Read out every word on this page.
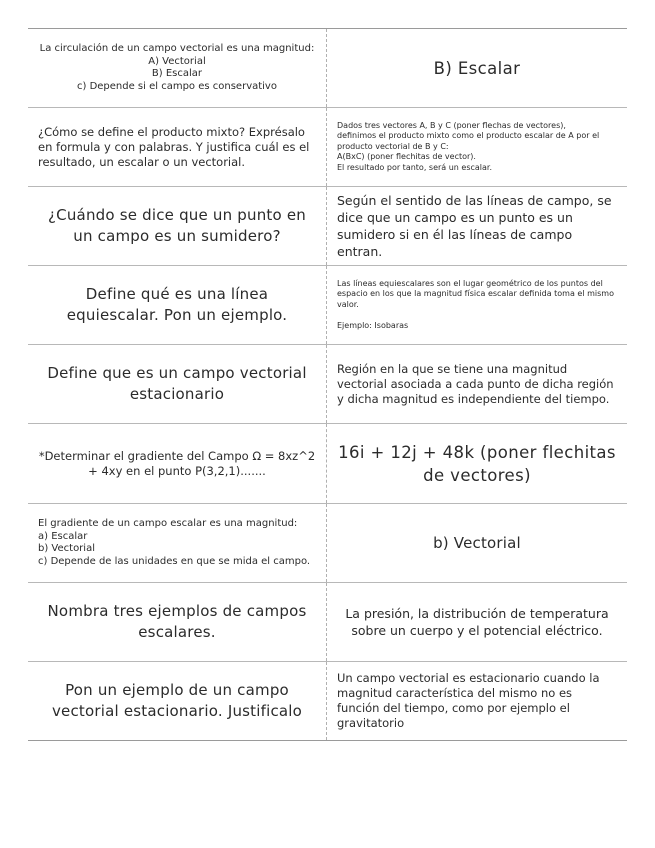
La circulación de un campo vectorial es una magnitud:
A) Vectorial
B) Escalar
c) Depende si el campo es conservativo
B) Escalar
¿Cómo se define el producto mixto? Exprésalo en formula y con palabras. Y justifica cuál es el resultado, un escalar o un vectorial.
Dados tres vectores A, B y C (poner flechas de vectores),
definimos el producto mixto como el producto escalar de A por el producto vectorial de B y C:
A(BxC) (poner flechitas de vector).
El resultado por tanto, será un escalar.
¿Cuándo se dice que un punto en un campo es un sumidero?
Según el sentido de las líneas de campo, se dice que un campo es un punto es un sumidero si en él las líneas de campo entran.
Define qué es una línea equiescalar. Pon un ejemplo.
Las líneas equiescalares son el lugar geométrico de los puntos del espacio en los que la magnitud física escalar definida toma el mismo valor.

Ejemplo: Isobaras
Define que es un campo vectorial estacionario
Región en la que se tiene una magnitud vectorial asociada a cada punto de dicha región y dicha magnitud es independiente del tiempo.
*Determinar el gradiente del Campo Ω = 8xz^2 + 4xy en el punto P(3,2,1).......
16i + 12j + 48k (poner flechitas de vectores)
El gradiente de un campo escalar es una magnitud:
a) Escalar
b) Vectorial
c) Depende de las unidades en que se mida el campo.
b) Vectorial
Nombra tres ejemplos de campos escalares.
La presión, la distribución de temperatura sobre un cuerpo y el potencial eléctrico.
Pon un ejemplo de un campo vectorial estacionario. Justificalo
Un campo vectorial es estacionario cuando la magnitud característica del mismo no es función del tiempo, como por ejemplo el gravitatorio
